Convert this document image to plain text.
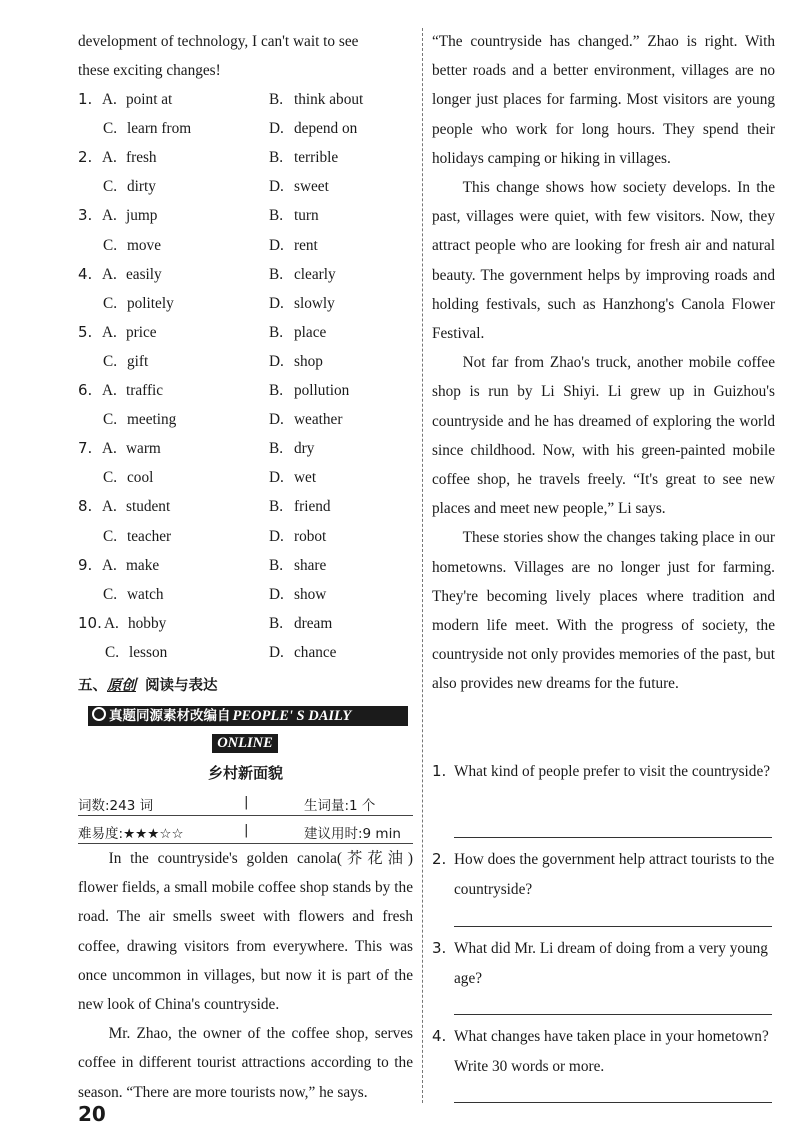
development of technology, I can't wait to see
these exciting changes!
1. A. point at	B. think about
C. learn from	D. depend on
2. A. fresh	B. terrible
C. dirty	D. sweet
3. A. jump	B. turn
C. move	D. rent
4. A. easily	B. clearly
C. politely	D. slowly
5. A. price	B. place
C. gift	D. shop
6. A. traffic	B. pollution
C. meeting	D. weather
7. A. warm	B. dry
C. cool	D. wet
8. A. student	B. friend
C. teacher	D. robot
9. A. make	B. share
C. watch	D. show
10. A. hobby	B. dream
C. lesson	D. chance
五、原创 阅读与表达
真题同源素材改编自 PEOPLE' S DAILY
ONLINE
乡村新面貌
词数:243 词	|	生词量:1 个
难易度:★★★☆☆	|	建议用时:9 min

In the countryside's golden canola(芥花油) flower fields, a small mobile coffee shop stands by the road. The air smells sweet with flowers and fresh coffee, drawing visitors from everywhere. This was once uncommon in villages, but now it is part of the new look of China's countryside.

Mr. Zhao, the owner of the coffee shop, serves coffee in different tourist attractions according to the season. “There are more tourists now,” he says.

“The countryside has changed.” Zhao is right. With better roads and a better environment, villages are no longer just places for farming. Most visitors are young people who work for long hours. They spend their holidays camping or hiking in villages.

This change shows how society develops. In the past, villages were quiet, with few visitors. Now, they attract people who are looking for fresh air and natural beauty. The government helps by improving roads and holding festivals, such as Hanzhong's Canola Flower Festival.

Not far from Zhao's truck, another mobile coffee shop is run by Li Shiyi. Li grew up in Guizhou's countryside and he has dreamed of exploring the world since childhood. Now, with his green-painted mobile coffee shop, he travels freely. “It's great to see new places and meet new people,” Li says.

These stories show the changes taking place in our hometowns. Villages are no longer just for farming. They're becoming lively places where tradition and modern life meet. With the progress of society, the countryside not only provides memories of the past, but also provides new dreams for the future.

1. What kind of people prefer to visit the countryside?
2. How does the government help attract tourists to the countryside?
3. What did Mr. Li dream of doing from a very young age?
4. What changes have taken place in your hometown? Write 30 words or more.
20
